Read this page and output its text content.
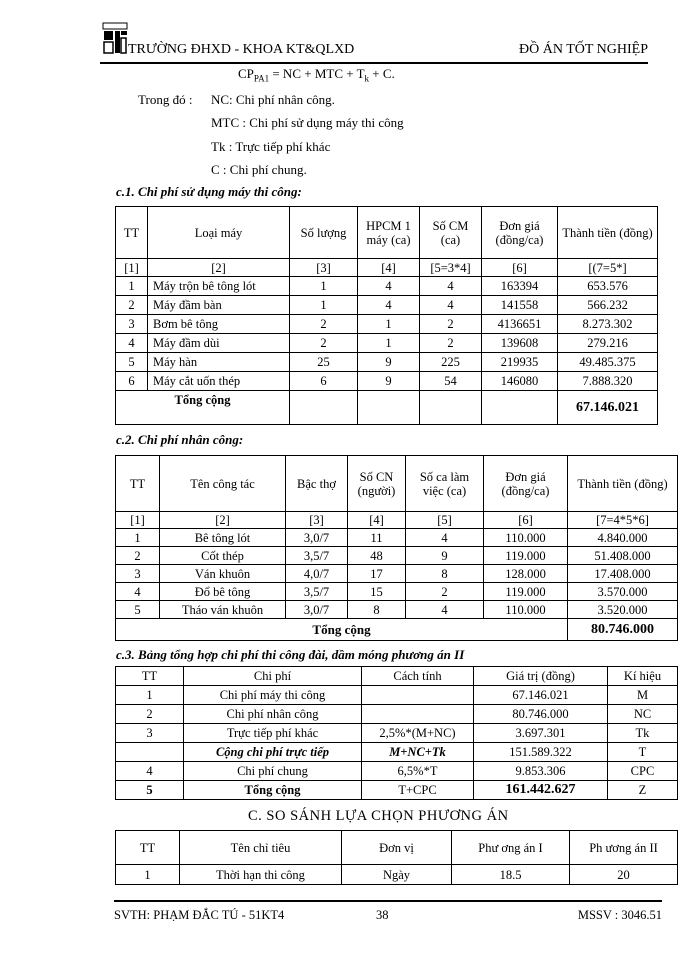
TRƯỜNG ĐHXD - KHOA KT&QLXD	ĐỒ ÁN TỐT NGHIỆP
$CP_{PA1}$ = NC + MTC + $T_k + C$.
Trong đó : NC: Chi phí nhân công.
MTC : Chi phí sử dụng máy thi công
Tk : Trực tiếp phí khác
C : Chi phí chung.
c.1. Chi phí sử dụng máy thi công:
TT	Loại máy	Số lượng	HPCM 1 máy (ca)	Số CM (ca)	Đơn giá (đồng/ca)	Thành tiền (đồng)
[1]	[2]	[3]	[4]	[5=3*4]	[6]	[(7=5*]
1	Máy trộn bê tông lót	1	4	4	163394	653.576
2	Máy đầm bàn	1	4	4	141558	566.232
3	Bơm bê tông	2	1	2	4136651	8.273.302
4	Máy đầm dùi	2	1	2	139608	279.216
5	Máy hàn	25	9	225	219935	49.485.375
6	Máy cắt uốn thép	6	9	54	146080	7.888.320
Tổng cộng						67.146.021
c.2. Chi phí nhân công:
TT	Tên công tác	Bậc thợ	Số CN (người)	Số ca làm việc (ca)	Đơn giá (đồng/ca)	Thành tiền (đồng)
[1]	[2]	[3]	[4]	[5]	[6]	[7=4*5*6]
1	Bê tông lót	3,0/7	11	4	110.000	4.840.000
2	Cốt thép	3,5/7	48	9	119.000	51.408.000
3	Ván khuôn	4,0/7	17	8	128.000	17.408.000
4	Đổ bê tông	3,5/7	15	2	119.000	3.570.000
5	Tháo ván khuôn	3,0/7	8	4	110.000	3.520.000
Tổng cộng						80.746.000
c.3. Bảng tổng hợp chi phí thi công đài, dầm móng phương án II
TT	Chi phí	Cách tính	Giá trị (đồng)	Kí hiệu
1	Chi phí máy thi công		67.146.021	M
2	Chi phí nhân công		80.746.000	NC
3	Trực tiếp phí khác	2,5%*(M+NC)	3.697.301	Tk
	Cộng chi phí trực tiếp	M+NC+Tk	151.589.322	T
4	Chi phí chung	6,5%*T	9.853.306	CPC
5	Tổng cộng	T+CPC	161.442.627	Z
C. SO SÁNH LỰA CHỌN PHƯƠNG ÁN
TT	Tên chỉ tiêu	Đơn vị	Phư ơng án I	Ph ương án II
1	Thời hạn thi công	Ngày	18.5	20
SVTH: PHẠM ĐẮC TÚ - 51KT4	38	MSSV : 3046.51
